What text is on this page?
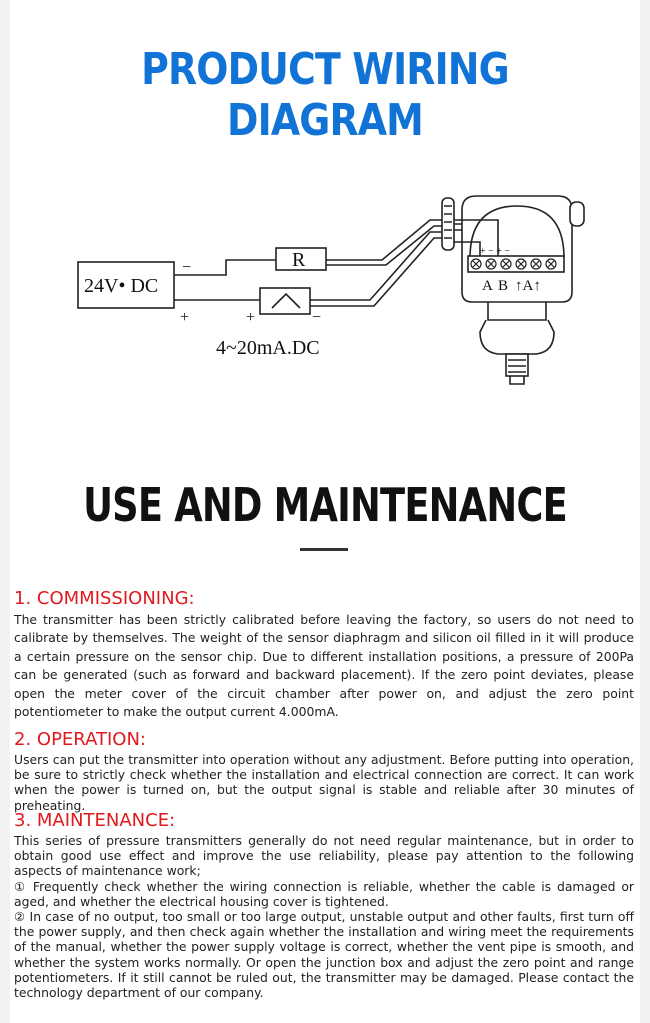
PRODUCT WIRING DIAGRAM
24V• DC
R
−
+	+	−
4~20mA.DC
+ − + −
A B ↑A↑
USE AND MAINTENANCE
1. COMMISSIONING:

The transmitter has been strictly calibrated before leaving the factory, so users do not need to calibrate by themselves. The weight of the sensor diaphragm and silicon oil filled in it will produce a certain pressure on the sensor chip. Due to different installation positions, a pressure of 200Pa can be generated (such as forward and backward placement). If the zero point deviates, please open the meter cover of the circuit chamber after power on, and adjust the zero point potentiometer to make the output current 4.000mA.

2. OPERATION:

Users can put the transmitter into operation without any adjustment. Before putting into operation, be sure to strictly check whether the installation and electrical connection are correct. It can work when the power is turned on, but the output signal is stable and reliable after 30 minutes of preheating.

3. MAINTENANCE:
This series of pressure transmitters generally do not need regular maintenance, but in order to obtain good use effect and improve the use reliability, please pay attention to the following aspects of maintenance work;
① Frequently check whether the wiring connection is reliable, whether the cable is damaged or aged, and whether the electrical housing cover is tightened.
② In case of no output, too small or too large output, unstable output and other faults, first turn off the power supply, and then check again whether the installation and wiring meet the requirements of the manual, whether the power supply voltage is correct, whether the vent pipe is smooth, and whether the system works normally. Or open the junction box and adjust the zero point and range potentiometers. If it still cannot be ruled out, the transmitter may be damaged. Please contact the technology department of our company.
